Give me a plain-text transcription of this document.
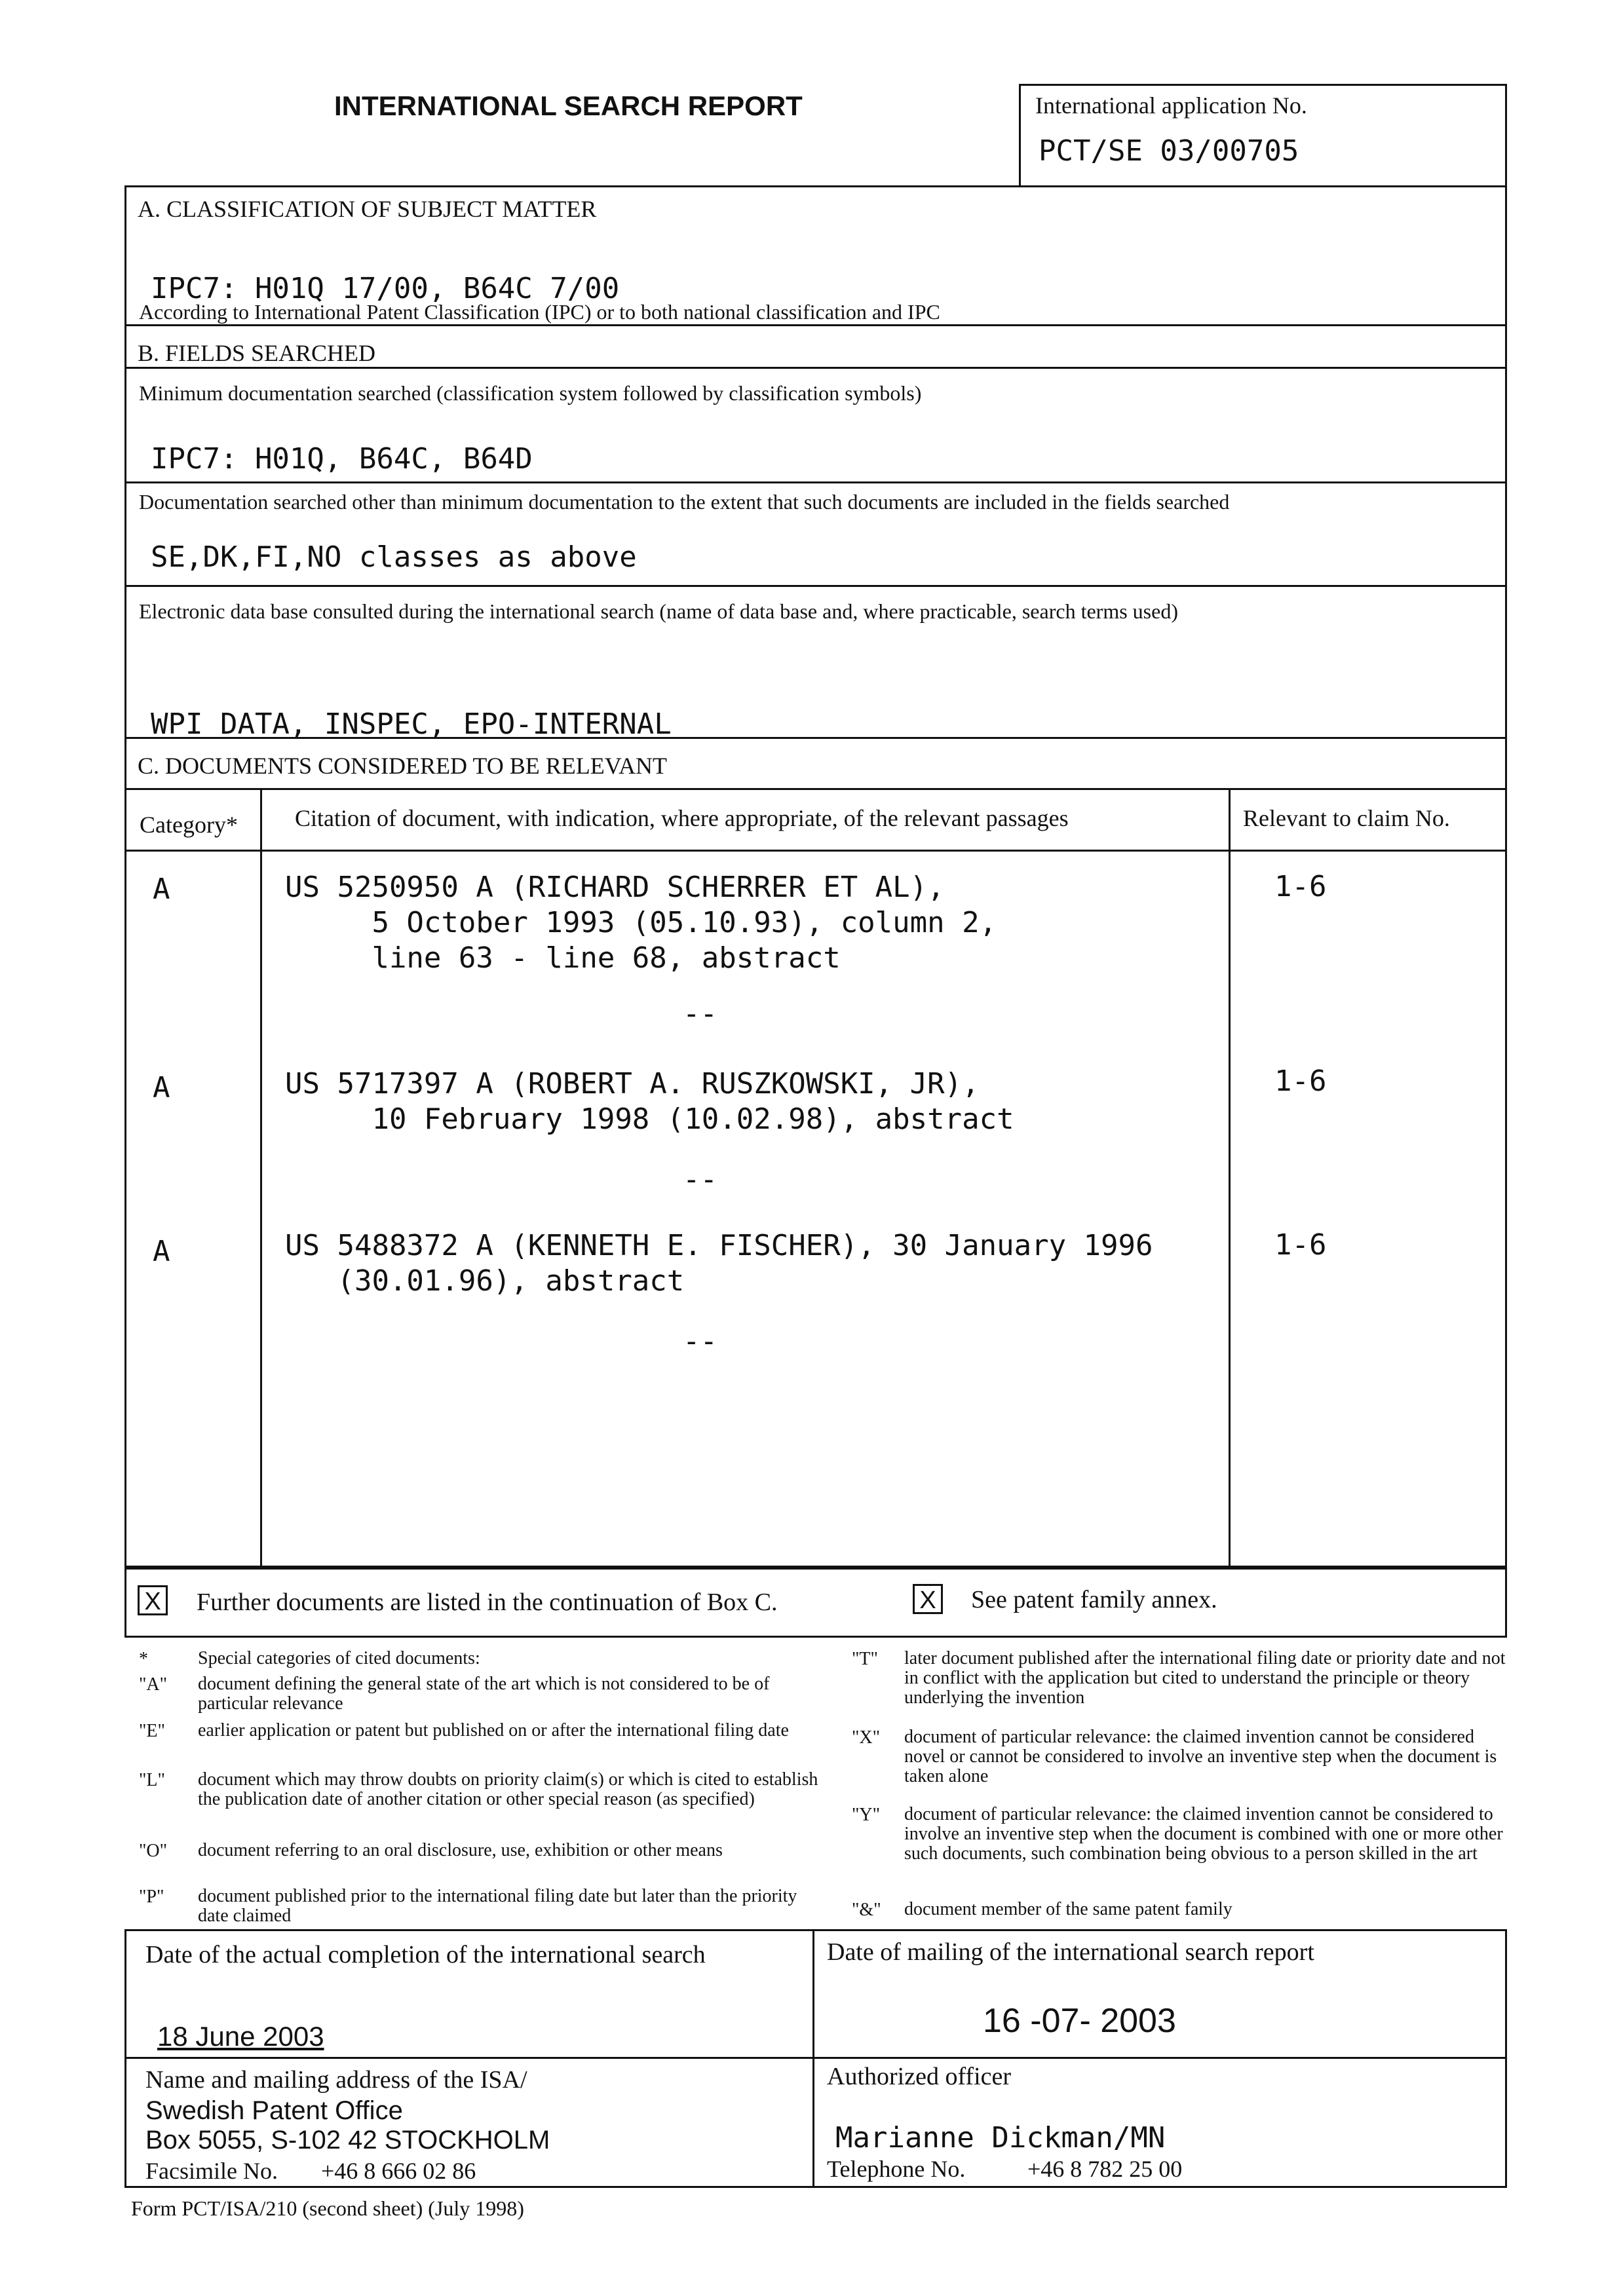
INTERNATIONAL SEARCH REPORT	International application No.
PCT/SE 03/00705
A. CLASSIFICATION OF SUBJECT MATTER
IPC7: H01Q 17/00, B64C 7/00
According to International Patent Classification (IPC) or to both national classification and IPC
B. FIELDS SEARCHED
Minimum documentation searched (classification system followed by classification symbols)
IPC7: H01Q, B64C, B64D
Documentation searched other than minimum documentation to the extent that such documents are included in the fields searched
SE,DK,FI,NO classes as above
Electronic data base consulted during the international search (name of data base and, where practicable, search terms used)
WPI DATA, INSPEC, EPO-INTERNAL
C. DOCUMENTS CONSIDERED TO BE RELEVANT
Category* Citation of document, with indication, where appropriate, of the relevant passages	Relevant to claim No.
A	US 5250950 A (RICHARD SCHERRER ET AL),
5 October 1993 (05.10.93), column 2,
line 63 - line 68, abstract
1-6
--
A	US 5717397 A (ROBERT A. RUSZKOWSKI, JR),
10 February 1998 (10.02.98), abstract
1-6
--
A	US 5488372 A (KENNETH E. FISCHER), 30 January 1996
(30.01.96), abstract
1-6
--
X Further documents are listed in the continuation of Box C.	X See patent family annex.
*	Special categories of cited documents:
"A" document defining the general state of the art which is not considered to be of particular relevance
"E" earlier application or patent but published on or after the international filing date
"L" document which may throw doubts on priority claim(s) or which is cited to establish the publication date of another citation or other special reason (as specified)
"O" document referring to an oral disclosure, use, exhibition or other means
"P" document published prior to the international filing date but later than the priority date claimed
"T" later document published after the international filing date or priority date and not in conflict with the application but cited to understand the principle or theory underlying the invention
"X" document of particular relevance: the claimed invention cannot be considered novel or cannot be considered to involve an inventive step when the document is taken alone
"Y" document of particular relevance: the claimed invention cannot be considered to involve an inventive step when the document is combined with one or more other such documents, such combination being obvious to a person skilled in the art
"&" document member of the same patent family
Date of the actual completion of the international search
18 June 2003
Date of mailing of the international search report
16 -07- 2003
Name and mailing address of the ISA/
Swedish Patent Office
Box 5055, S-102 42 STOCKHOLM
Facsimile No. +46 8 666 02 86
Authorized officer
Marianne Dickman/MN
Telephone No.	+46 8 782 25 00
Form PCT/ISA/210 (second sheet) (July 1998)
